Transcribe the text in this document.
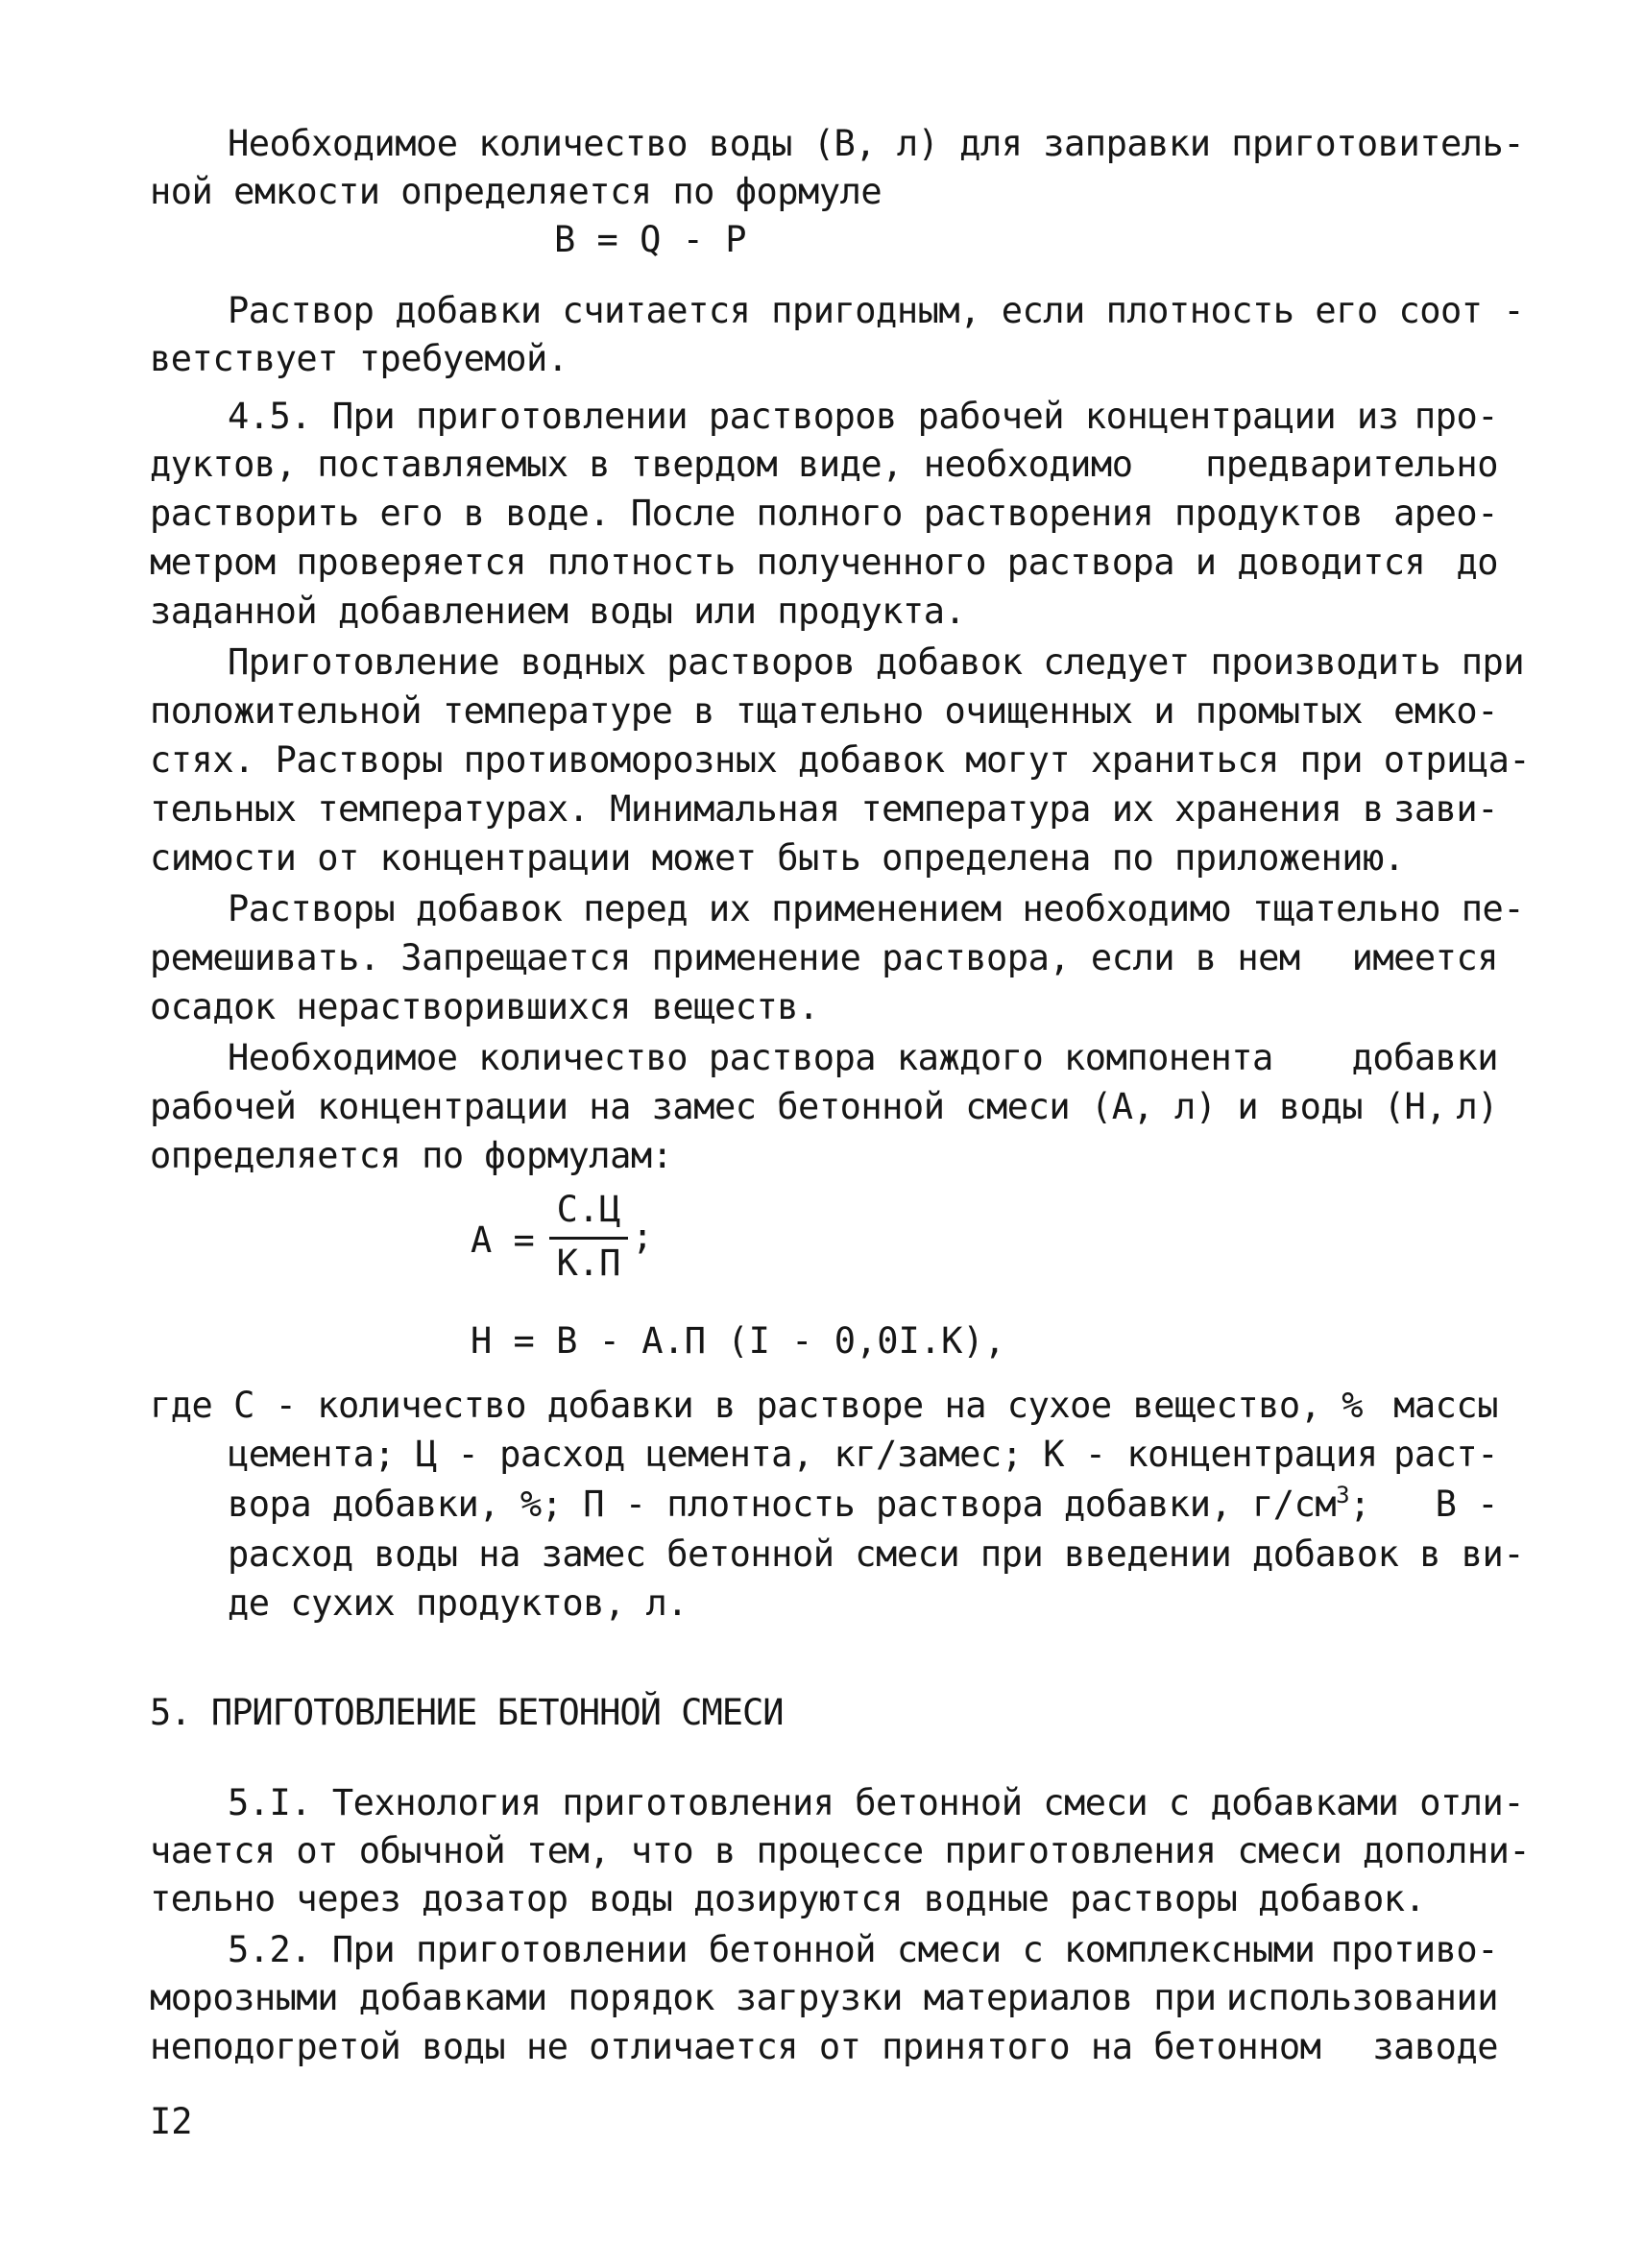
Необходимое количество воды (В, л) для заправки приготовитель-
ной емкости определяется по формуле
В = Q - P
Раствор добавки считается пригодным, если плотность его соот -
ветствует требуемой.
4.5. При приготовлении растворов рабочей концентрации из про-
дуктов, поставляемых в твердом виде, необходимо предварительно
растворить его в воде. После полного растворения продуктов арео-
метром проверяется плотность полученного раствора и доводится до
заданной добавлением воды или продукта.
Приготовление водных растворов добавок следует производить при
положительной температуре в тщательно очищенных и промытых емко-
стях. Растворы противоморозных добавок могут храниться при отрица-
тельных температурах. Минимальная температура их хранения в зави-
симости от концентрации может быть определена по приложению.
Растворы добавок перед их применением необходимо тщательно пе-
ремешивать. Запрещается применение раствора, если в нем имеется
осадок нерастворившихся веществ.
Необходимое количество раствора каждого компонента добавки
рабочей концентрации на замес бетонной смеси (А, л) и воды (Н, л)
определяется по формулам:
А =
С.Ц
К.П
;
Н = В - А.П (I - 0,0I.К),
где С - количество добавки в растворе на сухое вещество, % массы
цемента; Ц - расход цемента, кг/замес; К - концентрация раст-
вора добавки, %; П - плотность раствора добавки, $г/см^3$; В -
расход воды на замес бетонной смеси при введении добавок в ви-
де сухих продуктов, л.
5. ПРИГОТОВЛЕНИЕ БЕТОННОЙ СМЕСИ
5.I. Технология приготовления бетонной смеси с добавками отли-
чается от обычной тем, что в процессе приготовления смеси дополни-
тельно через дозатор воды дозируются водные растворы добавок.
5.2. При приготовлении бетонной смеси с комплексными противо-
морозными добавками порядок загрузки материалов при использовании
неподогретой воды не отличается от принятого на бетонном заводе
I2
